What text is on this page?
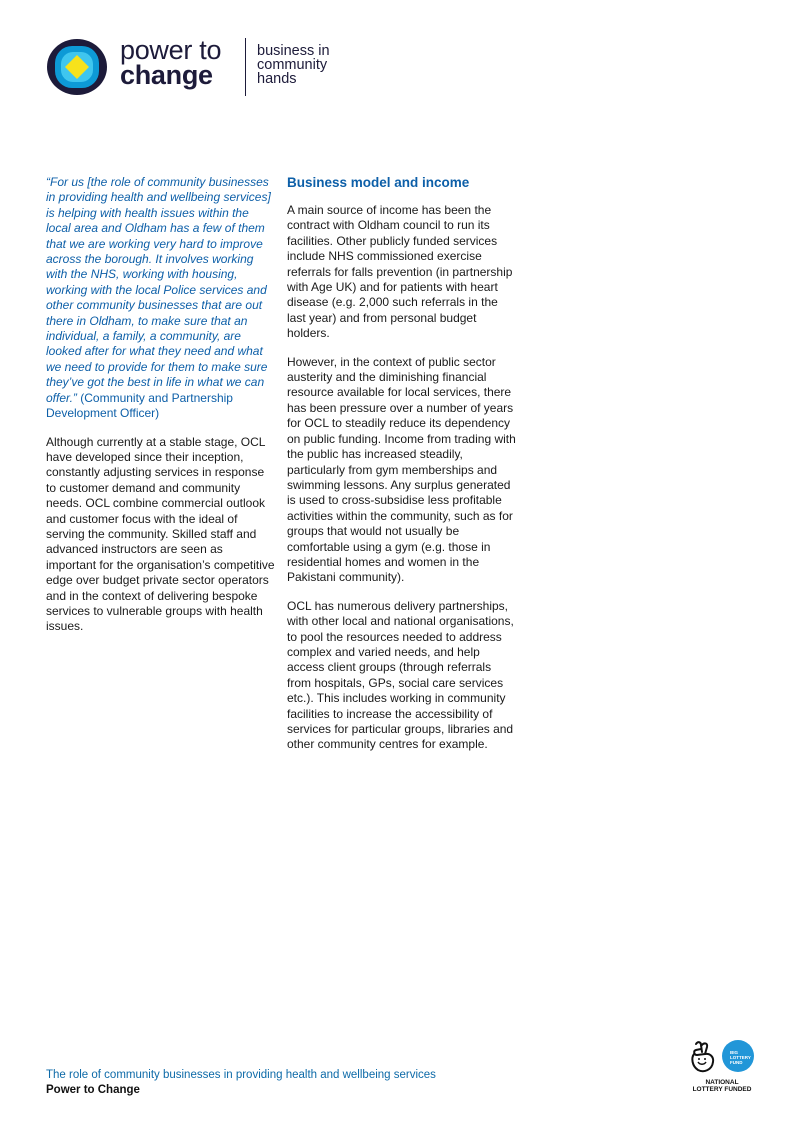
power to
change
business in
community
hands

“For us [the role of community businesses in providing health and wellbeing services] is helping with health issues within the local area and Oldham has a few of them that we are working very hard to improve across the borough. It involves working with the NHS, working with housing, working with the local Police services and other community businesses that are out there in Oldham, to make sure that an individual, a family, a community, are looked after for what they need and what we need to provide for them to make sure they’ve got the best in life in what we can offer.” (Community and Partnership Development Officer)

Although currently at a stable stage, OCL have developed since their inception, constantly adjusting services in response to customer demand and community needs. OCL combine commercial outlook and customer focus with the ideal of serving the community. Skilled staff and advanced instructors are seen as important for the organisation’s competitive edge over budget private sector operators and in the context of delivering bespoke services to vulnerable groups with health issues.

Business model and income

A main source of income has been the contract with Oldham council to run its facilities. Other publicly funded services include NHS commissioned exercise referrals for falls prevention (in partnership with Age UK) and for patients with heart disease (e.g. 2,000 such referrals in the last year) and from personal budget holders.

However, in the context of public sector austerity and the diminishing financial resource available for local services, there has been pressure over a number of years for OCL to steadily reduce its dependency on public funding. Income from trading with the public has increased steadily, particularly from gym memberships and swimming lessons. Any surplus generated is used to cross-subsidise less profitable activities within the community, such as for groups that would not usually be comfortable using a gym (e.g. those in residential homes and women in the Pakistani community).

OCL has numerous delivery partnerships, with other local and national organisations, to pool the resources needed to address complex and varied needs, and help access client groups (through referrals from hospitals, GPs, social care services etc.). This includes working in community facilities to increase the accessibility of services for particular groups, libraries and other community centres for example.

The role of community businesses in providing health and wellbeing services
Power to Change
BIG
LOTTERY
FUND
NATIONAL
LOTTERY FUNDED
